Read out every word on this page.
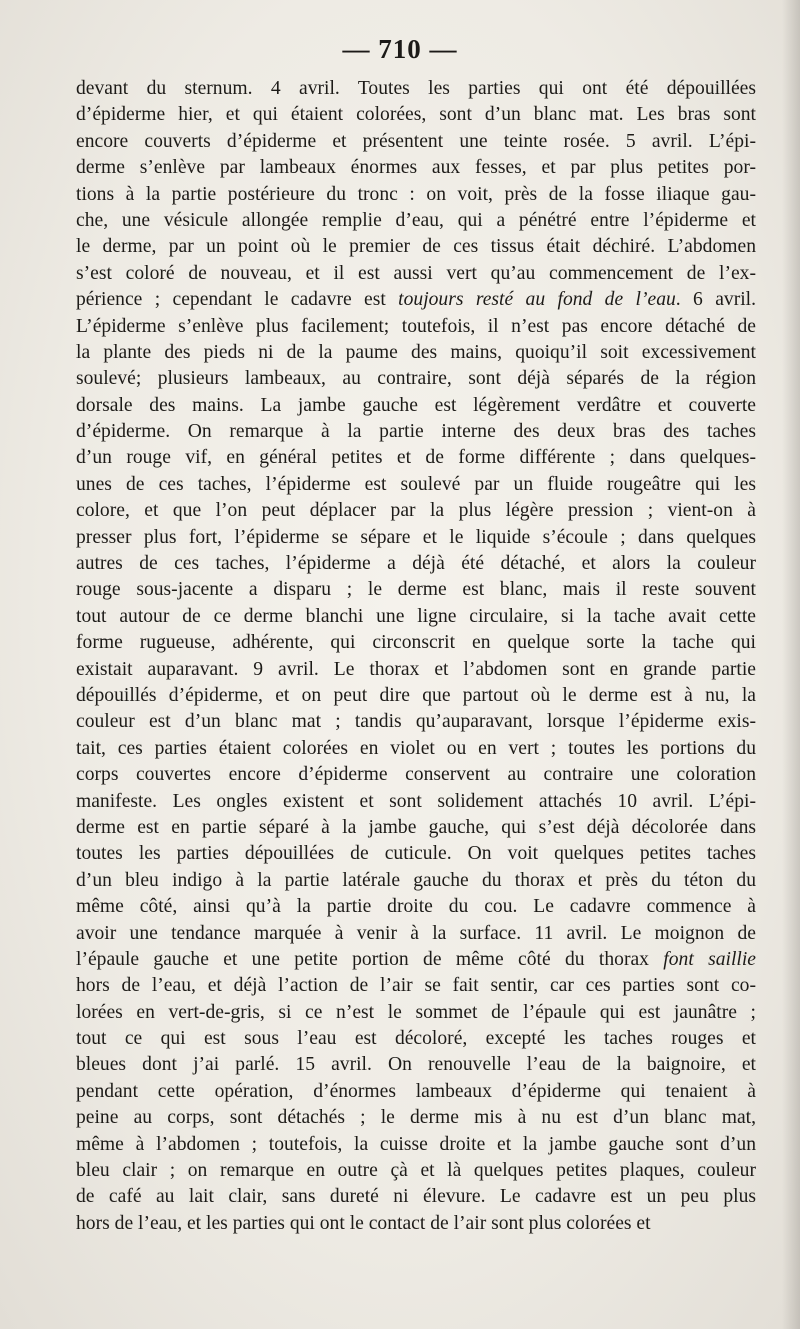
— 710 —
devant du sternum. 4 avril. Toutes les parties qui ont été dépouillées
d’épiderme hier, et qui étaient colorées, sont d’un blanc mat. Les bras sont
encore couverts d’épiderme et présentent une teinte rosée. 5 avril. L’épi-
derme s’enlève par lambeaux énormes aux fesses, et par plus petites por-
tions à la partie postérieure du tronc : on voit, près de la fosse iliaque gau-
che, une vésicule allongée remplie d’eau, qui a pénétré entre l’épiderme et
le derme, par un point où le premier de ces tissus était déchiré. L’abdomen
s’est coloré de nouveau, et il est aussi vert qu’au commencement de l’ex-
périence ; cependant le cadavre est toujours resté au fond de l’eau. 6 avril.
L’épiderme s’enlève plus facilement; toutefois, il n’est pas encore détaché de
la plante des pieds ni de la paume des mains, quoiqu’il soit excessivement
soulevé; plusieurs lambeaux, au contraire, sont déjà séparés de la région
dorsale des mains. La jambe gauche est légèrement verdâtre et couverte
d’épiderme. On remarque à la partie interne des deux bras des taches
d’un rouge vif, en général petites et de forme différente ; dans quelques-
unes de ces taches, l’épiderme est soulevé par un fluide rougeâtre qui les
colore, et que l’on peut déplacer par la plus légère pression ; vient-on à
presser plus fort, l’épiderme se sépare et le liquide s’écoule ; dans quelques
autres de ces taches, l’épiderme a déjà été détaché, et alors la couleur
rouge sous-jacente a disparu ; le derme est blanc, mais il reste souvent
tout autour de ce derme blanchi une ligne circulaire, si la tache avait cette
forme rugueuse, adhérente, qui circonscrit en quelque sorte la tache qui
existait auparavant. 9 avril. Le thorax et l’abdomen sont en grande partie
dépouillés d’épiderme, et on peut dire que partout où le derme est à nu, la
couleur est d’un blanc mat ; tandis qu’auparavant, lorsque l’épiderme exis-
tait, ces parties étaient colorées en violet ou en vert ; toutes les portions du
corps couvertes encore d’épiderme conservent au contraire une coloration
manifeste. Les ongles existent et sont solidement attachés 10 avril. L’épi-
derme est en partie séparé à la jambe gauche, qui s’est déjà décolorée dans
toutes les parties dépouillées de cuticule. On voit quelques petites taches
d’un bleu indigo à la partie latérale gauche du thorax et près du téton du
même côté, ainsi qu’à la partie droite du cou. Le cadavre commence à
avoir une tendance marquée à venir à la surface. 11 avril. Le moignon de
l’épaule gauche et une petite portion de même côté du thorax font saillie
hors de l’eau, et déjà l’action de l’air se fait sentir, car ces parties sont co-
lorées en vert-de-gris, si ce n’est le sommet de l’épaule qui est jaunâtre ;
tout ce qui est sous l’eau est décoloré, excepté les taches rouges et
bleues dont j’ai parlé. 15 avril. On renouvelle l’eau de la baignoire, et
pendant cette opération, d’énormes lambeaux d’épiderme qui tenaient à
peine au corps, sont détachés ; le derme mis à nu est d’un blanc mat,
même à l’abdomen ; toutefois, la cuisse droite et la jambe gauche sont d’un
bleu clair ; on remarque en outre çà et là quelques petites plaques, couleur
de café au lait clair, sans dureté ni élevure. Le cadavre est un peu plus
hors de l’eau, et les parties qui ont le contact de l’air sont plus colorées et
